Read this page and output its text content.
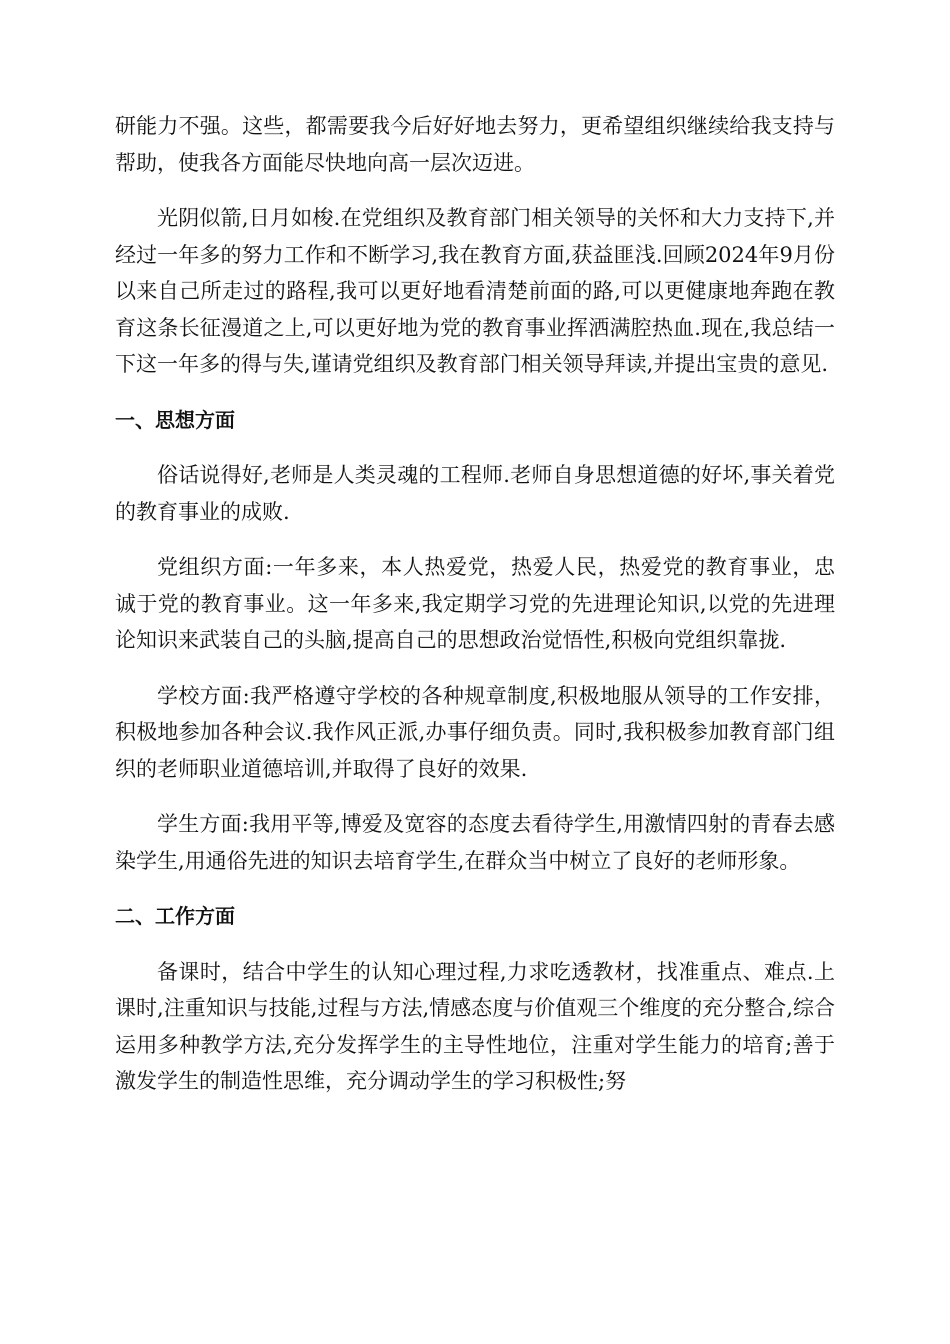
研能力不强。这些，都需要我今后好好地去努力，更希望组织继续给我支持与帮助，使我各方面能尽快地向高一层次迈进。

光阴似箭,日月如梭.在党组织及教育部门相关领导的关怀和大力支持下,并经过一年多的努力工作和不断学习,我在教育方面,获益匪浅.回顾2024年9月份以来自己所走过的路程,我可以更好地看清楚前面的路,可以更健康地奔跑在教育这条长征漫道之上,可以更好地为党的教育事业挥洒满腔热血.现在,我总结一下这一年多的得与失,谨请党组织及教育部门相关领导拜读,并提出宝贵的意见.

一、思想方面

俗话说得好,老师是人类灵魂的工程师.老师自身思想道德的好坏,事关着党的教育事业的成败.

党组织方面:一年多来，本人热爱党，热爱人民，热爱党的教育事业，忠诚于党的教育事业。这一年多来,我定期学习党的先进理论知识,以党的先进理论知识来武装自己的头脑,提高自己的思想政治觉悟性,积极向党组织靠拢.

学校方面:我严格遵守学校的各种规章制度,积极地服从领导的工作安排，积极地参加各种会议.我作风正派,办事仔细负责。同时,我积极参加教育部门组织的老师职业道德培训,并取得了良好的效果.

学生方面:我用平等,博爱及宽容的态度去看待学生,用激情四射的青春去感染学生,用通俗先进的知识去培育学生,在群众当中树立了良好的老师形象。

二、工作方面

备课时，结合中学生的认知心理过程,力求吃透教材，找准重点、难点.上课时,注重知识与技能,过程与方法,情感态度与价值观三个维度的充分整合,综合运用多种教学方法,充分发挥学生的主导性地位，注重对学生能力的培育;善于激发学生的制造性思维，充分调动学生的学习积极性;努
